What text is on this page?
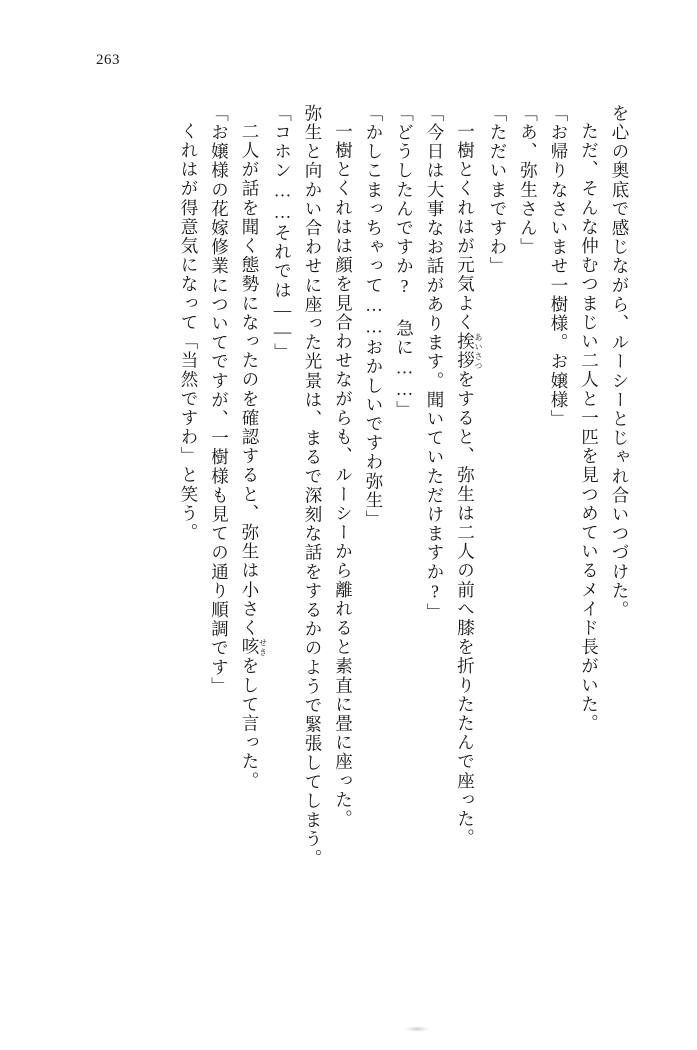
263

を心の奥底で感じながら、ルーシーとじゃれ合いつづけた。

ただ、そんな仲むつまじい二人と一匹を見つめているメイド長がいた。

「お帰りなさいませ一樹様。お嬢様」

「あ、弥生さん」

「ただいまですわ」

一樹とくれはが元気よく挨拶あいさつをすると、弥生は二人の前へ膝を折りたたんで座った。

「今日は大事なお話があります。聞いていただけますか?」

「どうしたんですか? 急に……」

「かしこまっちゃって……おかしいですわ弥生」

一樹とくれはは顔を見合わせながらも、ルーシーから離れると素直に畳に座った。

弥生と向かい合わせに座った光景は、まるで深刻な話をするかのようで緊張してしまう。

「コホン……それでは――」

二人が話を聞く態勢になったのを確認すると、弥生は小さく咳せきをして言った。

「お嬢様の花嫁修業についてですが、一樹様も見ての通り順調です」

くれはが得意気になって「当然ですわ」と笑う。
